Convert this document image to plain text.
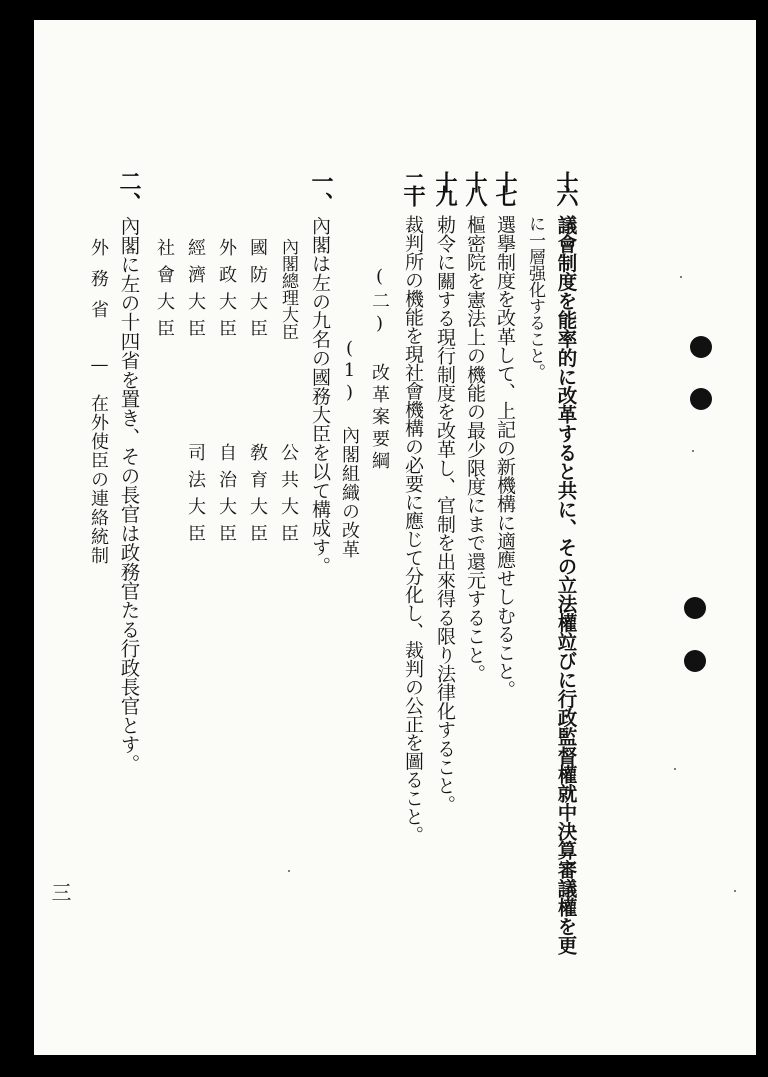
十六
議會制度を能率的に改革すると共に、その立法權竝びに行政監督權就中決算審議權を更
に一層强化すること。
十七
選擧制度を改革して、上記の新機構に適應せしむること。
十八
樞密院を憲法上の機能の最少限度にまで還元すること。
十九
勅令に關する現行制度を改革し、官制を出來得る限り法律化すること。
二十
裁判所の機能を現社會機構の必要に應じて分化し、裁判の公正を圖ること。
(二) 改革案要綱
(1) 內閣組織の改革
一、
內閣は左の九名の國務大臣を以て構成す。
內閣總理大臣
國防大臣
外政大臣
經濟大臣
社會大臣
公共大臣
敎育大臣
自治大臣
司法大臣
二、
內閣に左の十四省を置き、その長官は政務官たる行政長官とす。
外務省
—
在外使臣の連絡統制
三
